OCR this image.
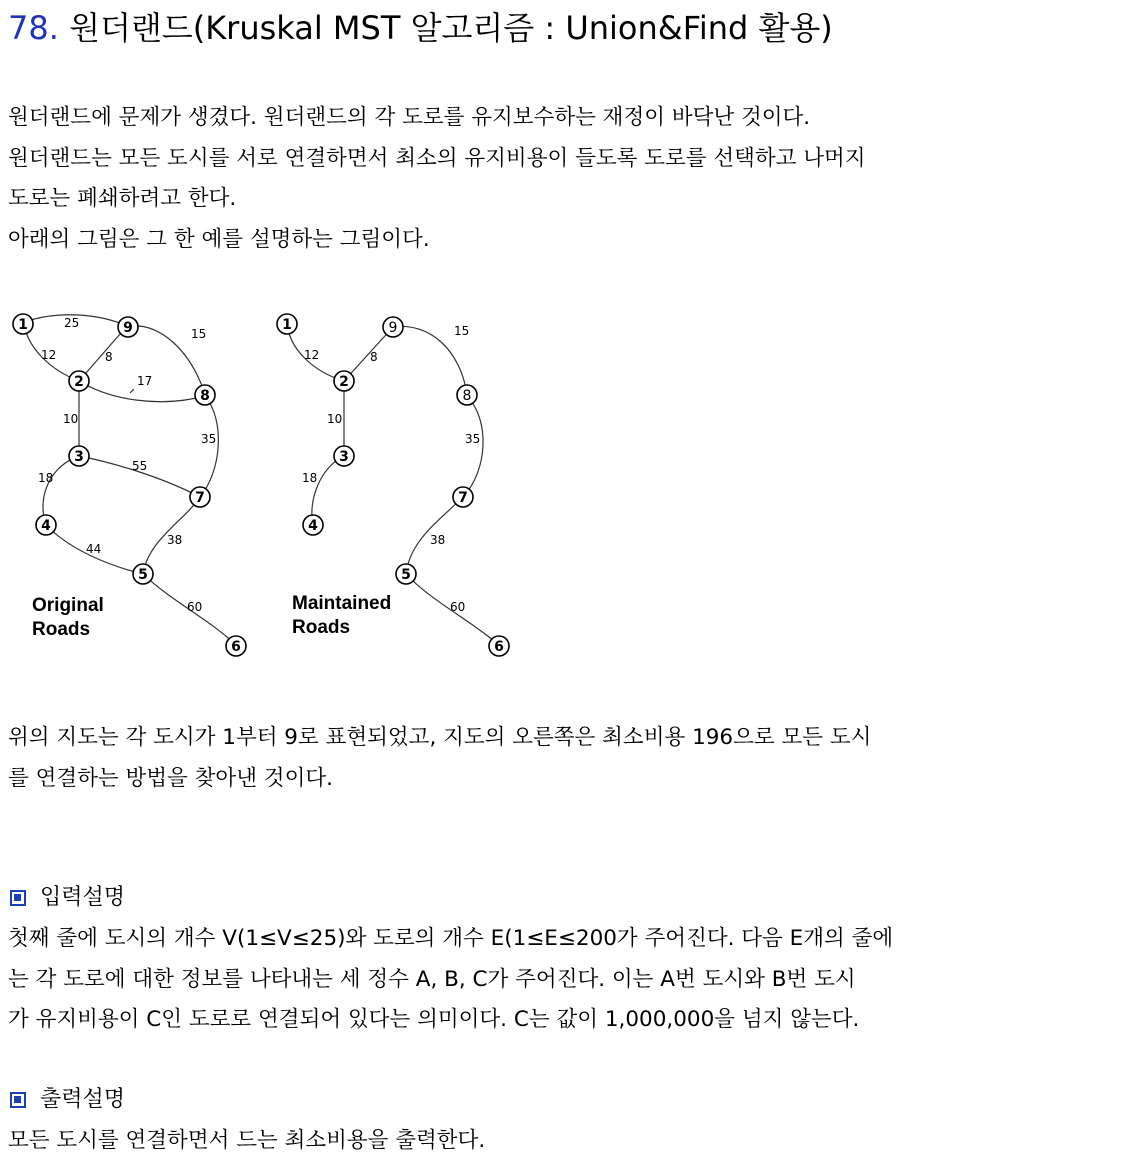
78. 원더랜드(Kruskal MST 알고리즘 : Union&Find 활용)
원더랜드에 문제가 생겼다. 원더랜드의 각 도로를 유지보수하는 재정이 바닥난 것이다.
원더랜드는 모든 도시를 서로 연결하면서 최소의 유지비용이 들도록 도로를 선택하고 나머지
도로는 폐쇄하려고 한다.
아래의 그림은 그 한 예를 설명하는 그림이다.
25
12	8
15
17
10
35
55
18
44
38
60
1	9
2
8
3
7
4
5
6
Original Roads
12	8
15
10
35
18
38
60
1	9
2
8
3
7
4
5
6
Maintained Roads
위의 지도는 각 도시가 1부터 9로 표현되었고, 지도의 오른쪽은 최소비용 196으로 모든 도시
를 연결하는 방법을 찾아낸 것이다.
입력설명
첫째 줄에 도시의 개수 V(1≤V≤25)와 도로의 개수 E(1≤E≤200가 주어진다. 다음 E개의 줄에
는 각 도로에 대한 정보를 나타내는 세 정수 A, B, C가 주어진다. 이는 A번 도시와 B번 도시
가 유지비용이 C인 도로로 연결되어 있다는 의미이다. C는 값이 1,000,000을 넘지 않는다.
출력설명
모든 도시를 연결하면서 드는 최소비용을 출력한다.
